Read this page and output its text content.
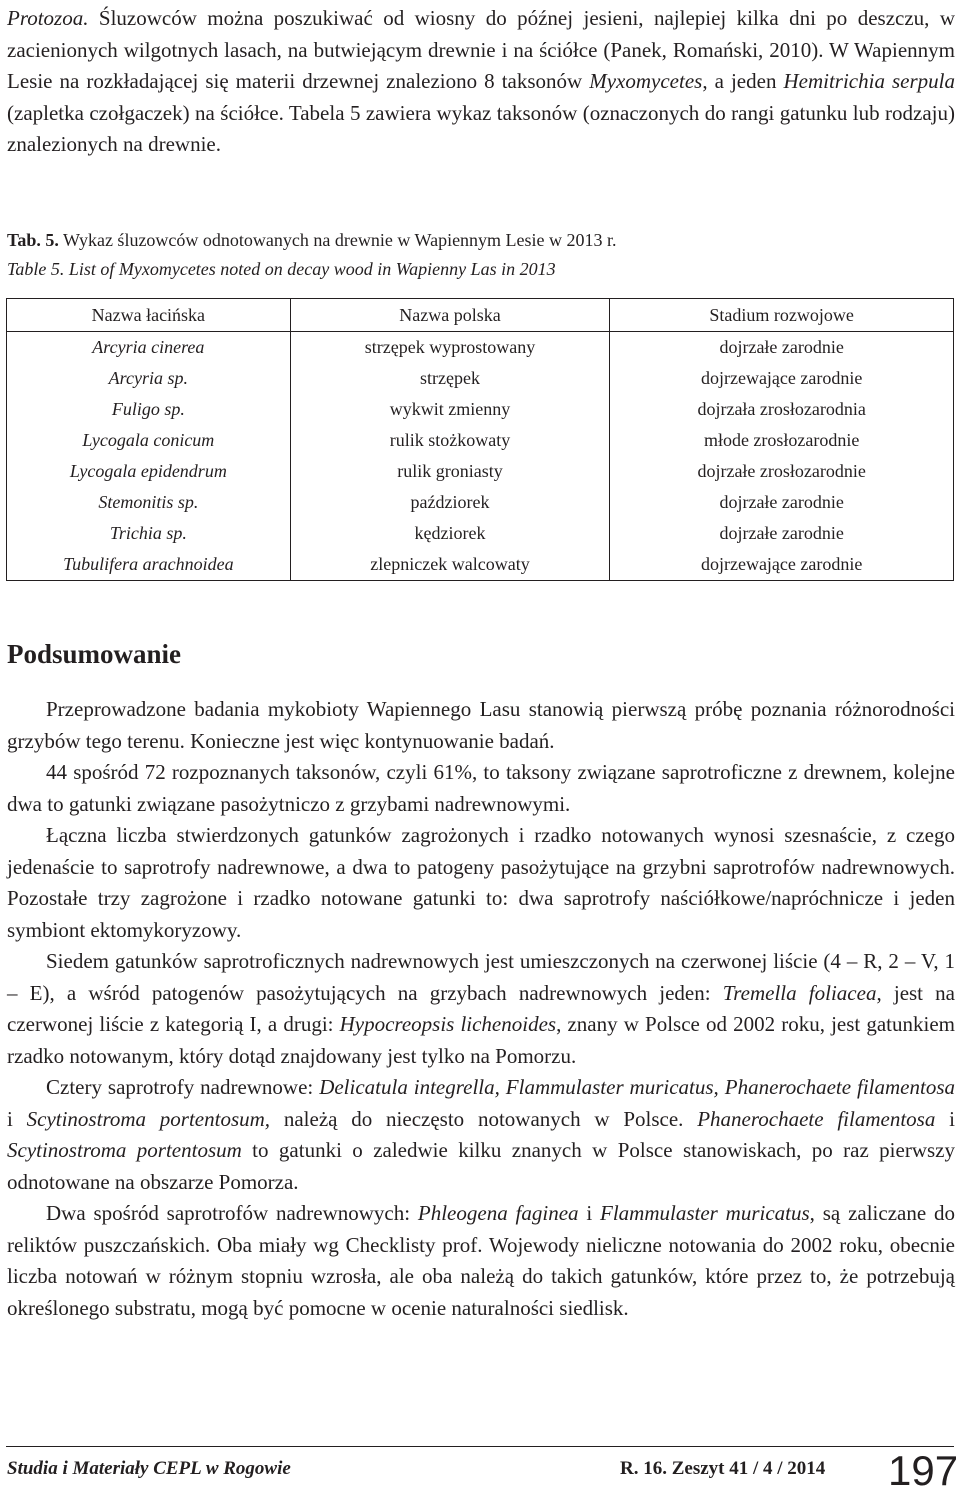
Protozoa. Śluzowców można poszukiwać od wiosny do późnej jesieni, najlepiej kilka dni po deszczu, w zacienionych wilgotnych lasach, na butwiejącym drewnie i na ściółce (Panek, Romański, 2010). W Wapiennym Lesie na rozkładającej się materii drzewnej znaleziono 8 taksonów Myxomycetes, a jeden Hemitrichia serpula (zapletka czołgaczek) na ściółce. Tabela 5 zawiera wykaz taksonów (oznaczonych do rangi gatunku lub rodzaju) znalezionych na drewnie.

Tab. 5. Wykaz śluzowców odnotowanych na drewnie w Wapiennym Lesie w 2013 r.

Table 5. List of Myxomycetes noted on decay wood in Wapienny Las in 2013

Nazwa łacińska	Nazwa polska	Stadium rozwojowe
Arcyria cinerea	strzępek wyprostowany	dojrzałe zarodnie
Arcyria sp.	strzępek	dojrzewające zarodnie
Fuligo sp.	wykwit zmienny	dojrzała zrosłozarodnia
Lycogala conicum	rulik stożkowaty	młode zrosłozarodnie
Lycogala epidendrum	rulik groniasty	dojrzałe zrosłozarodnie
Stemonitis sp.	paździorek	dojrzałe zarodnie
Trichia sp.	kędziorek	dojrzałe zarodnie
Tubulifera arachnoidea	zlepniczek walcowaty	dojrzewające zarodnie
Podsumowanie
Przeprowadzone badania mykobioty Wapiennego Lasu stanowią pierwszą próbę poznania różnorodności grzybów tego terenu. Konieczne jest więc kontynuowanie badań.
44 spośród 72 rozpoznanych taksonów, czyli 61%, to taksony związane saprotroficzne z drewnem, kolejne dwa to gatunki związane pasożytniczo z grzybami nadrewnowymi.
Łączna liczba stwierdzonych gatunków zagrożonych i rzadko notowanych wynosi szesnaście, z czego jedenaście to saprotrofy nadrewnowe, a dwa to patogeny pasożytujące na grzybni saprotrofów nadrewnowych. Pozostałe trzy zagrożone i rzadko notowane gatunki to: dwa saprotrofy naściółkowe/napróchnicze i jeden symbiont ektomykoryzowy.
Siedem gatunków saprotroficznych nadrewnowych jest umieszczonych na czerwonej liście (4 – R, 2 – V, 1 – E), a wśród patogenów pasożytujących na grzybach nadrewnowych jeden: Tremella foliacea, jest na czerwonej liście z kategorią I, a drugi: Hypocreopsis lichenoides, znany w Polsce od 2002 roku, jest gatunkiem rzadko notowanym, który dotąd znajdowany jest tylko na Pomorzu.
Cztery saprotrofy nadrewnowe: Delicatula integrella, Flammulaster muricatus, Phanerochaete filamentosa i Scytinostroma portentosum, należą do nieczęsto notowanych w Polsce. Phanerochaete filamentosa i Scytinostroma portentosum to gatunki o zaledwie kilku znanych w Polsce stanowiskach, po raz pierwszy odnotowane na obszarze Pomorza.
Dwa spośród saprotrofów nadrewnowych: Phleogena faginea i Flammulaster muricatus, są zaliczane do reliktów puszczańskich. Oba miały wg Checklisty prof. Wojewody nieliczne notowania do 2002 roku, obecnie liczba notowań w różnym stopniu wzrosła, ale oba należą do takich gatunków, które przez to, że potrzebują określonego substratu, mogą być pomocne w ocenie naturalności siedlisk.
Studia i Materiały CEPL w Rogowie	R. 16. Zeszyt 41 / 4 / 2014 197
